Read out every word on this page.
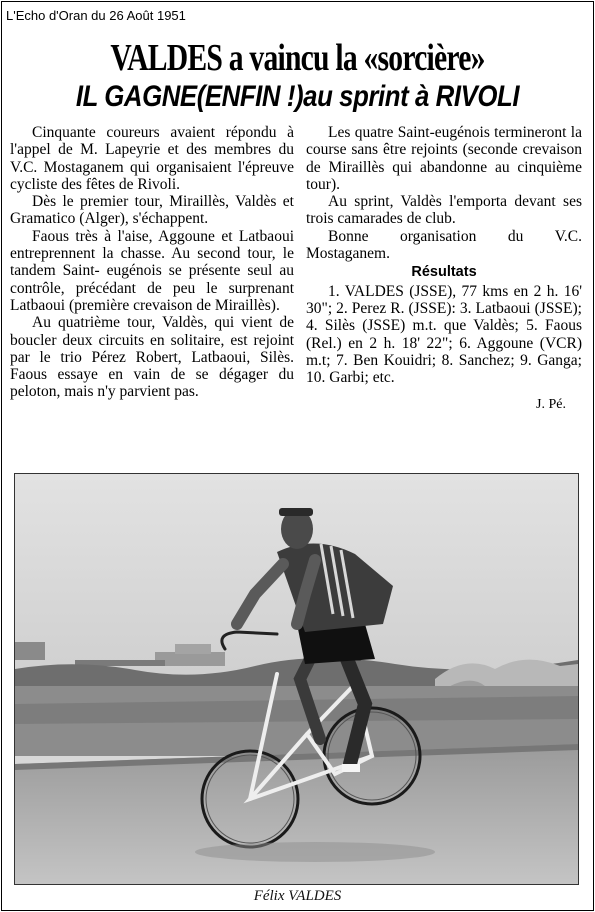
L'Echo d'Oran du 26 Août 1951
VALDES a vaincu la «sorcière»
IL GAGNE(ENFIN !)au sprint à RIVOLI

Cinquante coureurs avaient répondu à l'appel de M. Lapeyrie et des membres du V.C. Mostaganem qui organisaient l'épreuve cycliste des fêtes de Rivoli.

Dès le premier tour, Miraillès, Valdès et Gramatico (Alger), s'échappent.

Faous très à l'aise, Aggoune et Latbaoui entreprennent la chasse. Au second tour, le tandem Saint- eugénois se présente seul au contrôle, précédant de peu le surprenant Latbaoui (première crevaison de Miraillès).

Au quatrième tour, Valdès, qui vient de boucler deux circuits en solitaire, est rejoint par le trio Pérez Robert, Latbaoui, Silès. Faous essaye en vain de se dégager du peloton, mais n'y parvient pas.

Les quatre Saint-eugénois termineront la course sans être rejoints (seconde crevaison de Miraillès qui abandonne au cinquième tour).

Au sprint, Valdès l'emporta devant ses trois camarades de club.

Bonne organisation du V.C. Mostaganem.

Résultats

1. VALDES (JSSE), 77 kms en 2 h. 16' 30"; 2. Perez R. (JSSE): 3. Latbaoui (JSSE); 4. Silès (JSSE) m.t. que Valdès; 5. Faous (Rel.) en 2 h. 18' 22"; 6. Aggoune (VCR) m.t; 7. Ben Kouidri; 8. Sanchez; 9. Ganga; 10. Garbi; etc.

J. Pé.
Félix VALDES
